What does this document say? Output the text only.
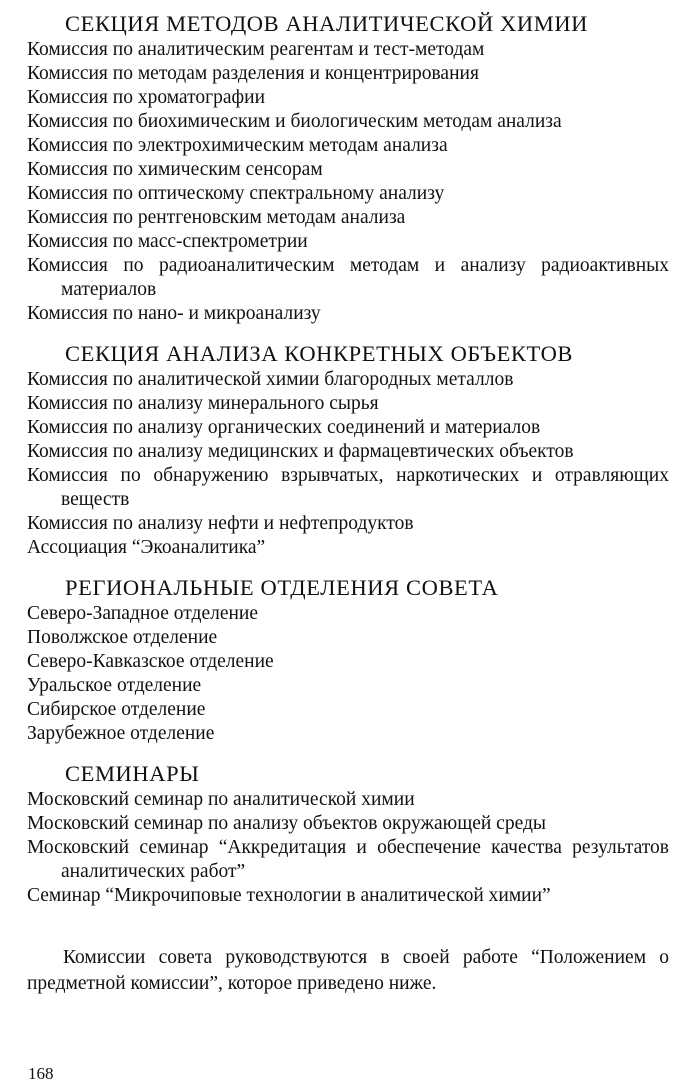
СЕКЦИЯ МЕТОДОВ АНАЛИТИЧЕСКОЙ ХИМИИ
Комиссия по аналитическим реагентам и тест-методам
Комиссия по методам разделения и концентрирования
Комиссия по хроматографии
Комиссия по биохимическим и биологическим методам анализа
Комиссия по электрохимическим методам анализа
Комиссия по химическим сенсорам
Комиссия по оптическому спектральному анализу
Комиссия по рентгеновским методам анализа
Комиссия по масс-спектрометрии
Комиссия по радиоаналитическим методам и анализу радиоактивных материалов
Комиссия по нано- и микроанализу
СЕКЦИЯ АНАЛИЗА КОНКРЕТНЫХ ОБЪЕКТОВ
Комиссия по аналитической химии благородных металлов
Комиссия по анализу минерального сырья
Комиссия по анализу органических соединений и материалов
Комиссия по анализу медицинских и фармацевтических объектов
Комиссия по обнаружению взрывчатых, наркотических и отравляющих веществ
Комиссия по анализу нефти и нефтепродуктов
Ассоциация “Экоаналитика”
РЕГИОНАЛЬНЫЕ ОТДЕЛЕНИЯ СОВЕТА
Северо-Западное отделение
Поволжское отделение
Северо-Кавказское отделение
Уральское отделение
Сибирское отделение
Зарубежное отделение
СЕМИНАРЫ
Московский семинар по аналитической химии
Московский семинар по анализу объектов окружающей среды
Московский семинар “Аккредитация и обеспечение качества результатов аналитических работ”
Семинар “Микрочиповые технологии в аналитической химии”
Комиссии совета руководствуются в своей работе “Положением о предметной комиссии”, которое приведено ниже.
168
